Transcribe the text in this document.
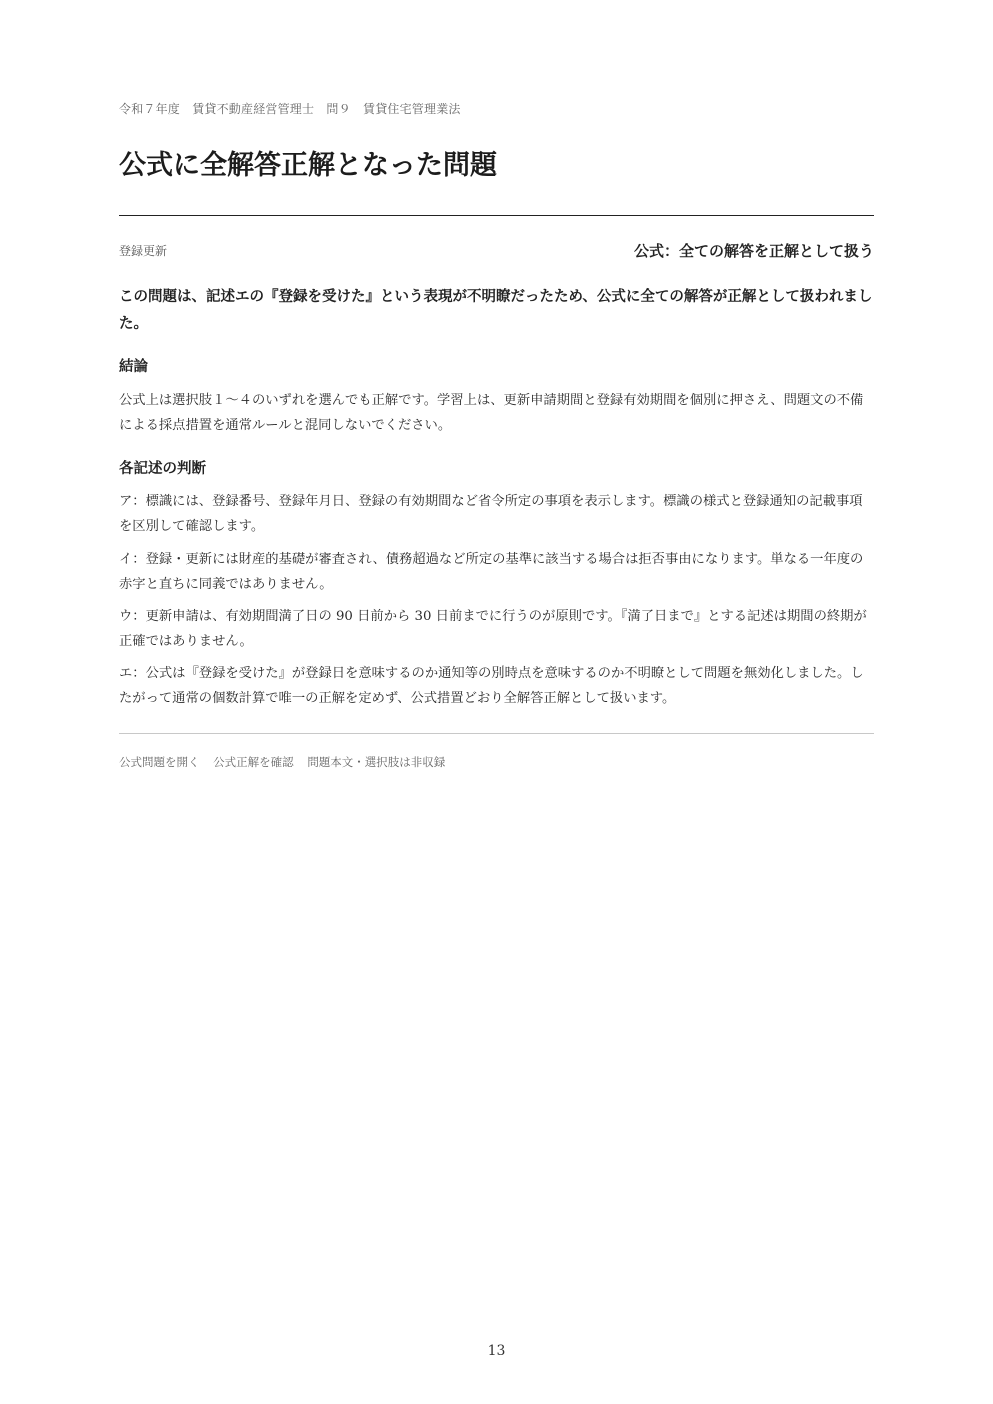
令和７年度　賃貸不動産経営管理士　問９　賃貸住宅管理業法
公式に全解答正解となった問題
登録更新	公式：全ての解答を正解として扱う

この問題は、記述エの『登録を受けた』という表現が不明瞭だったため、公式に全ての解答が正解として扱われました。

結論

公式上は選択肢１〜４のいずれを選んでも正解です。学習上は、更新申請期間と登録有効期間を個別に押さえ、問題文の不備による採点措置を通常ルールと混同しないでください。

各記述の判断

ア：標識には、登録番号、登録年月日、登録の有効期間など省令所定の事項を表示します。標識の様式と登録通知の記載事項を区別して確認します。

イ：登録・更新には財産的基礎が審査され、債務超過など所定の基準に該当する場合は拒否事由になります。単なる一年度の赤字と直ちに同義ではありません。

ウ：更新申請は、有効期間満了日の 90 日前から 30 日前までに行うのが原則です。『満了日まで』とする記述は期間の終期が正確ではありません。

エ：公式は『登録を受けた』が登録日を意味するのか通知等の別時点を意味するのか不明瞭として問題を無効化しました。したがって通常の個数計算で唯一の正解を定めず、公式措置どおり全解答正解として扱います。

公式問題を開く 公式正解を確認 問題本文・選択肢は非収録
13
